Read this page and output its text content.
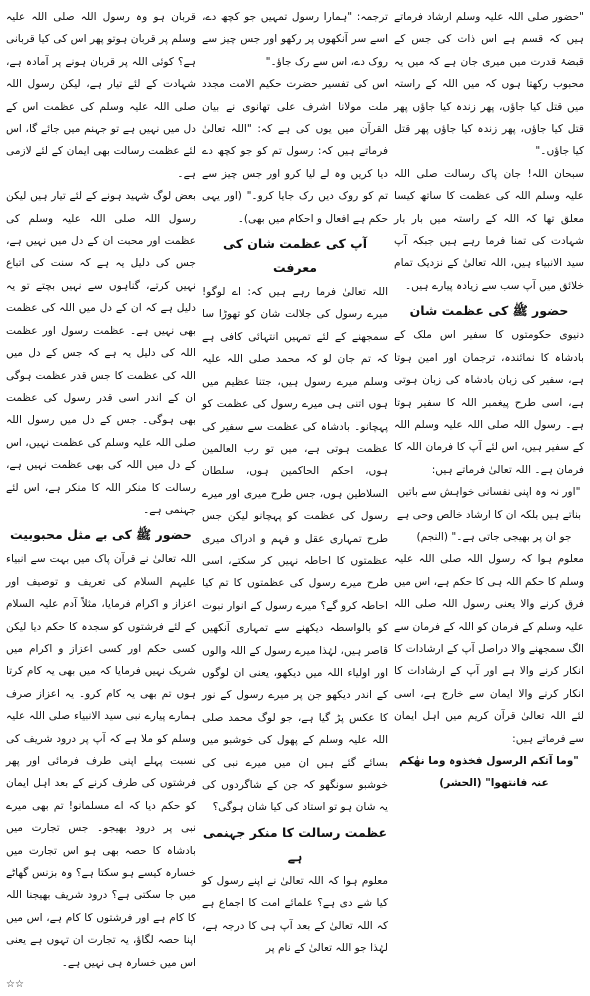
"حضور صلی اللہ علیہ وسلم ارشاد فرماتے ہیں کہ قسم ہے اس ذات کی جس کے قبضۂ قدرت میں میری جان ہے کہ میں یہ محبوب رکھتا ہوں کہ میں اللہ کے راستہ میں قتل کیا جاؤں، پھر زندہ کیا جاؤں پھر قتل کیا جاؤں، پھر زندہ کیا جاؤں پھر قتل کیا جاؤں۔"

سبحان اللہ! جان پاک رسالت صلی اللہ علیہ وسلم اللہ کی عظمت کا ساتھ کیسا معلق تھا کہ اللہ کے راستہ میں بار بار شہادت کی تمنا فرما رہے ہیں جبکہ آپ سید الانبیاء ہیں، اللہ تعالیٰ کے نزدیک تمام خلائق میں آپ سب سے زیادہ پیارے ہیں۔

حضور ﷺ کی عظمت شان

دنیوی حکومتوں کا سفیر اس ملک کے بادشاہ کا نمائندہ، ترجمان اور امین ہوتا ہے، سفیر کی زبان بادشاہ کی زبان ہوتی ہے، اسی طرح پیغمبر اللہ کا سفیر ہوتا ہے۔ رسول اللہ صلی اللہ علیہ وسلم اللہ کے سفیر ہیں، اس لئے آپ کا فرمان اللہ کا فرمان ہے۔ اللہ تعالیٰ فرماتے ہیں:

"اور نہ وہ اپنی نفسانی خواہش سے باتیں بناتے ہیں بلکہ ان کا ارشاد خالص وحی ہے جو ان پر بھیجی جاتی ہے۔" (النجم)

معلوم ہوا کہ رسول اللہ صلی اللہ علیہ وسلم کا حکم اللہ ہی کا حکم ہے، اس میں فرق کرنے والا یعنی رسول اللہ صلی اللہ علیہ وسلم کے فرمان کو اللہ کے فرمان سے الگ سمجھنے والا دراصل آپ کے ارشادات کا انکار کرنے والا ہے اور آپ کے ارشادات کا انکار کرنے والا ایمان سے خارج ہے، اسی لئے اللہ تعالیٰ قرآن کریم میں اہل ایمان سے فرماتے ہیں:

"وما آتکم الرسول فخذوہ وما نھٰکم عنہ فانتھوا" (الحشر)

ترجمہ: "ہمارا رسول تمہیں جو کچھ دے، اسے سر آنکھوں پر رکھو اور جس چیز سے روک دے، اس سے رک جاؤ۔"

اس کی تفسیر حضرت حکیم الامت مجدد ملت مولانا اشرف علی تھانوی نے بیان القرآن میں یوں کی ہے کہ: "اللہ تعالیٰ فرماتے ہیں کہ: رسول تم کو جو کچھ دے دیا کریں وہ لے لیا کرو اور جس چیز سے تم کو روک دیں رک جایا کرو۔" (اور یہی حکم ہے افعال و احکام میں بھی)۔

آپ کی عظمت شان کی معرفت

اللہ تعالیٰ فرما رہے ہیں کہ: اے لوگو! میرے رسول کی جلالت شان کو تھوڑا سا سمجھنے کے لئے تمہیں انتہائی کافی ہے کہ تم جان لو کہ محمد صلی اللہ علیہ وسلم میرے رسول ہیں، جتنا عظیم میں ہوں اتنی ہی میرے رسول کی عظمت کو پہچانو۔ بادشاہ کی عظمت سے سفیر کی عظمت ہوتی ہے، میں تو رب العالمین ہوں، احکم الحاکمین ہوں، سلطان السلاطین ہوں، جس طرح میری اور میرے رسول کی عظمت کو پہچانو لیکن جس طرح تمہاری عقل و فہم و ادراک میری عظمتوں کا احاطہ نہیں کر سکتے، اسی طرح میرے رسول کی عظمتوں کا تم کیا احاطہ کرو گے؟ میرے رسول کے انوار نبوت کو بالواسطہ دیکھنے سے تمہاری آنکھیں قاصر ہیں، لہٰذا میرے رسول کے اللہ والوں اور اولیاء اللہ میں دیکھو، یعنی ان لوگوں کے اندر دیکھو جن پر میرے رسول کے نور کا عکس پڑ گیا ہے، جو لوگ محمد صلی اللہ علیہ وسلم کے پھول کی خوشبو میں بسائے گئے ہیں ان میں میرے نبی کی خوشبو سونگھو کہ جن کے شاگردوں کی یہ شان ہو تو استاد کی کیا شان ہوگی؟

عظمت رسالت کا منکر جہنمی ہے

معلوم ہوا کہ اللہ تعالیٰ نے اپنے رسول کو کیا شے دی ہے؟ علمائے امت کا اجماع ہے کہ اللہ تعالیٰ کے بعد آپ ہی کا درجہ ہے، لہٰذا جو اللہ تعالیٰ کے نام پر

قربان ہو وہ رسول اللہ صلی اللہ علیہ وسلم پر قربان ہوتو پھر اس کی کیا قربانی ہے؟ کوئی اللہ پر قربان ہونے پر آمادہ ہے، شہادت کے لئے تیار ہے، لیکن رسول اللہ صلی اللہ علیہ وسلم کی عظمت اس کے دل میں نہیں ہے تو جہنم میں جائے گا، اس لئے عظمت رسالت بھی ایمان کے لئے لازمی ہے۔

بعض لوگ شہید ہونے کے لئے تیار ہیں لیکن رسول اللہ صلی اللہ علیہ وسلم کی عظمت اور محبت ان کے دل میں نہیں ہے، جس کی دلیل یہ ہے کہ سنت کی اتباع نہیں کرتے، گناہوں سے نہیں بچتے تو یہ دلیل ہے کہ ان کے دل میں اللہ کی عظمت بھی نہیں ہے۔ عظمت رسول اور عظمت اللہ کی دلیل یہ ہے کہ جس کے دل میں اللہ کی عظمت کا جس قدر عظمت ہوگی ان کے اندر اسی قدر رسول کی عظمت بھی ہوگی۔ جس کے دل میں رسول اللہ صلی اللہ علیہ وسلم کی عظمت نہیں، اس کے دل میں اللہ کی بھی عظمت نہیں ہے، رسالت کا منکر اللہ کا منکر ہے، اس لئے جہنمی ہے۔

حضور ﷺ کی بے مثل محبوبیت

اللہ تعالیٰ نے قرآن پاک میں بہت سے انبیاء علیہم السلام کی تعریف و توصیف اور اعزاز و اکرام فرمایا، مثلاً آدم علیہ السلام کے لئے فرشتوں کو سجدہ کا حکم دیا لیکن کسی حکم اور کسی اعزاز و اکرام میں شریک نہیں فرمایا کہ میں بھی یہ کام کرتا ہوں تم بھی یہ کام کرو۔ یہ اعزاز صرف ہمارے پیارے نبی سید الانبیاء صلی اللہ علیہ وسلم کو ملا ہے کہ آپ پر درود شریف کی نسبت پہلے اپنی طرف فرمائی اور پھر فرشتوں کی طرف کرنے کے بعد اہل ایمان کو حکم دیا کہ اے مسلمانو! تم بھی میرے نبی پر درود بھیجو۔ جس تجارت میں بادشاہ کا حصہ بھی ہو اس تجارت میں خسارہ کیسے ہو سکتا ہے؟ وہ بزنس گھاٹے میں جا سکتی ہے؟ درود شریف بھیجنا اللہ کا کام ہے اور فرشتوں کا کام ہے، اس میں اپنا حصہ لگاؤ، یہ تجارت ان تہوں ہے یعنی اس میں خسارہ ہی نہیں ہے۔

☆☆
